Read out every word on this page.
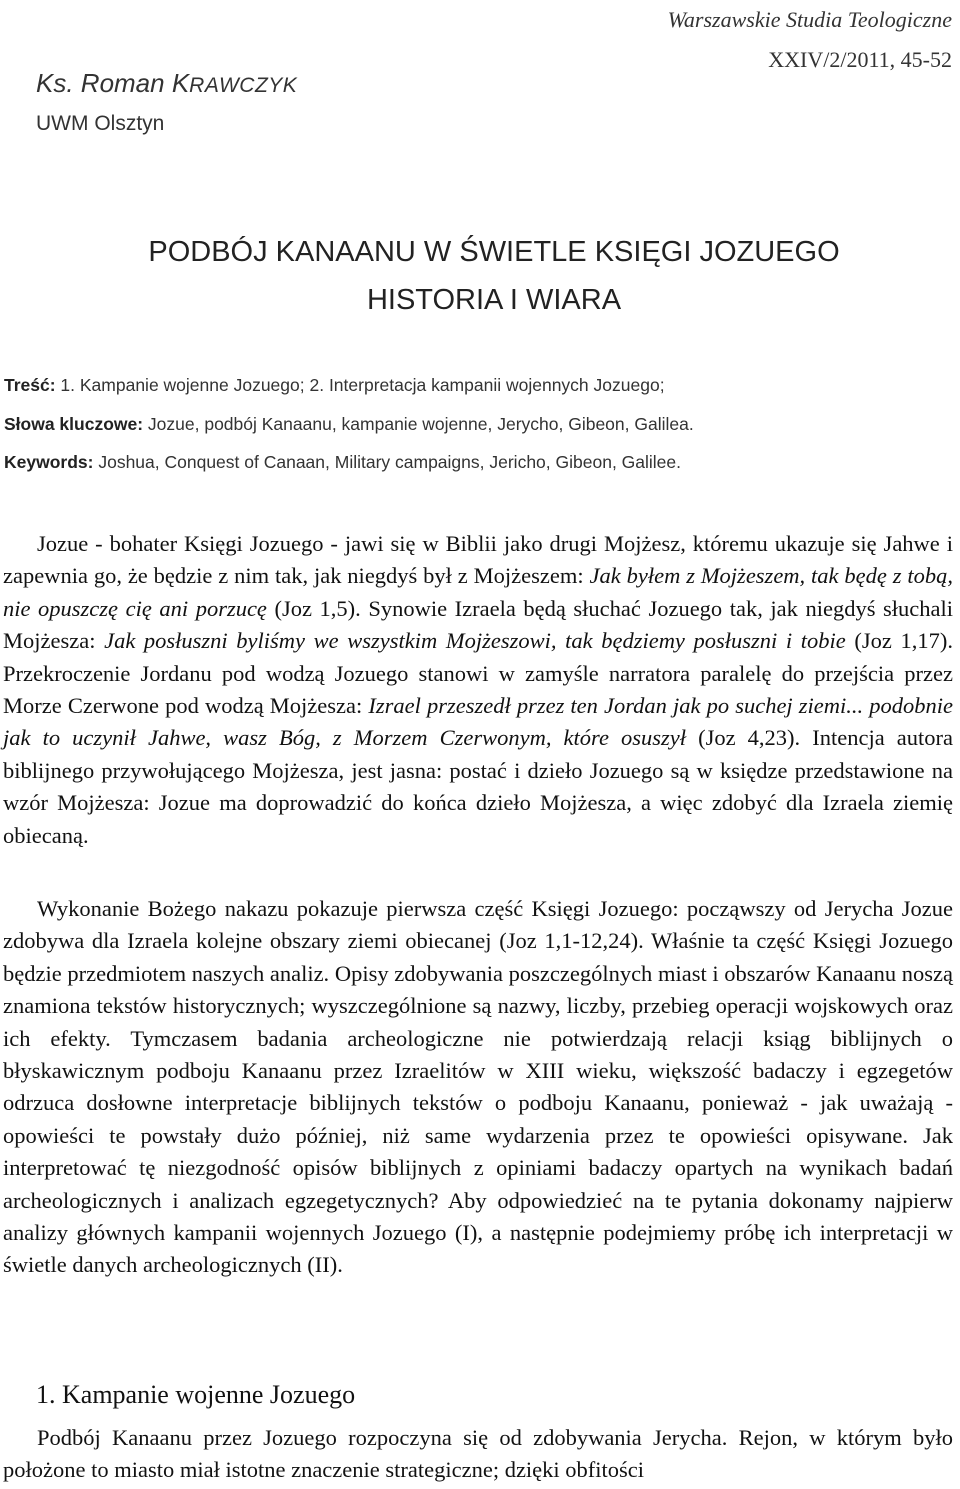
Warszawskie Studia Teologiczne
XXIV/2/2011, 45-52
Ks. Roman KRAWCZYK
UWM Olsztyn
PODBÓJ KANAANU W ŚWIETLE KSIĘGI JOZUEGO
HISTORIA I WIARA
Treść: 1. Kampanie wojenne Jozuego; 2. Interpretacja kampanii wojennych Jozuego;
Słowa kluczowe: Jozue, podbój Kanaanu, kampanie wojenne, Jerycho, Gibeon, Galilea.
Keywords: Joshua, Conquest of Canaan, Military campaigns, Jericho, Gibeon, Galilee.
Jozue - bohater Księgi Jozuego - jawi się w Biblii jako drugi Mojżesz, któremu ukazuje się Jahwe i zapewnia go, że będzie z nim tak, jak niegdyś był z Mojżeszem: Jak byłem z Mojżeszem, tak będę z tobą, nie opuszczę cię ani porzucę (Joz 1,5). Synowie Izraela będą słuchać Jozuego tak, jak niegdyś słuchali Mojżesza: Jak posłuszni byliśmy we wszystkim Mojżeszowi, tak będziemy posłuszni i tobie (Joz 1,17). Przekroczenie Jordanu pod wodzą Jozuego stanowi w zamyśle narratora paralelę do przejścia przez Morze Czerwone pod wodzą Mojżesza: Izrael przeszedł przez ten Jordan jak po suchej ziemi... podobnie jak to uczynił Jahwe, wasz Bóg, z Morzem Czerwonym, które osuszył (Joz 4,23). Intencja autora biblijnego przywołującego Mojżesza, jest jasna: postać i dzieło Jozuego są w księdze przedstawione na wzór Mojżesza: Jozue ma doprowadzić do końca dzieło Mojżesza, a więc zdobyć dla Izraela ziemię obiecaną.
Wykonanie Bożego nakazu pokazuje pierwsza część Księgi Jozuego: począwszy od Jerycha Jozue zdobywa dla Izraela kolejne obszary ziemi obiecanej (Joz 1,1-12,24). Właśnie ta część Księgi Jozuego będzie przedmiotem naszych analiz. Opisy zdobywania poszczególnych miast i obszarów Kanaanu noszą znamiona tekstów historycznych; wyszczególnione są nazwy, liczby, przebieg operacji wojskowych oraz ich efekty. Tymczasem badania archeologiczne nie potwierdzają relacji ksiąg biblijnych o błyskawicznym podboju Kanaanu przez Izraelitów w XIII wieku, większość badaczy i egzegetów odrzuca dosłowne interpretacje biblijnych tekstów o podboju Kanaanu, ponieważ - jak uważają - opowieści te powstały dużo później, niż same wydarzenia przez te opowieści opisywane. Jak interpretować tę niezgodność opisów biblijnych z opiniami badaczy opartych na wynikach badań archeologicznych i analizach egzegetycznych? Aby odpowiedzieć na te pytania dokonamy najpierw analizy głównych kampanii wojennych Jozuego (I), a następnie podejmiemy próbę ich interpretacji w świetle danych archeologicznych (II).
1. Kampanie wojenne Jozuego
Podbój Kanaanu przez Jozuego rozpoczyna się od zdobywania Jerycha. Rejon, w którym było położone to miasto miał istotne znaczenie strategiczne; dzięki obfitości
